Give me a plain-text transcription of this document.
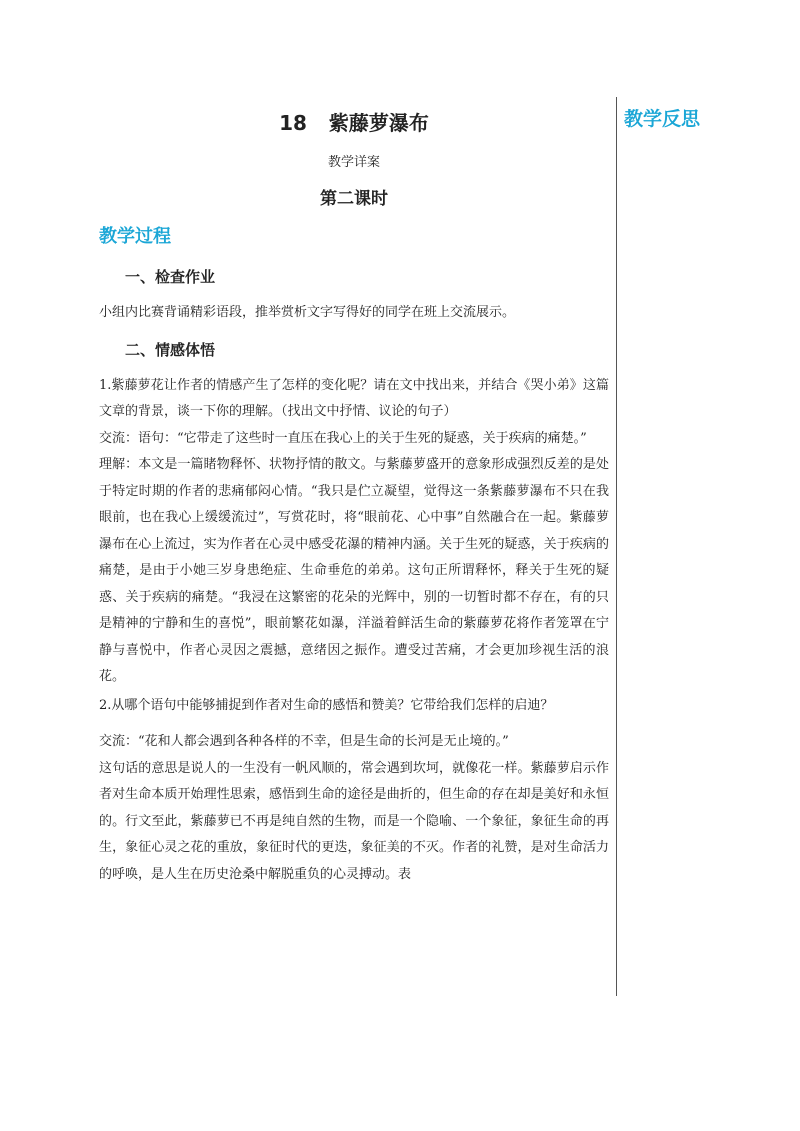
教学反思
18 紫藤萝瀑布
教学详案
第二课时
教学过程
一、检查作业
小组内比赛背诵精彩语段，推举赏析文字写得好的同学在班上交流展示。
二、情感体悟
1.紫藤萝花让作者的情感产生了怎样的变化呢？请在文中找出来，并结合《哭小弟》这篇文章的背景，谈一下你的理解。（找出文中抒情、议论的句子）
交流：语句：“它带走了这些时一直压在我心上的关于生死的疑惑，关于疾病的痛楚。”
理解：本文是一篇睹物释怀、状物抒情的散文。与紫藤萝盛开的意象形成强烈反差的是处于特定时期的作者的悲痛郁闷心情。“我只是伫立凝望，觉得这一条紫藤萝瀑布不只在我眼前，也在我心上缓缓流过”，写赏花时，将“眼前花、心中事”自然融合在一起。紫藤萝瀑布在心上流过，实为作者在心灵中感受花瀑的精神内涵。关于生死的疑惑，关于疾病的痛楚，是由于小她三岁身患绝症、生命垂危的弟弟。这句正所谓释怀，释关于生死的疑惑、关于疾病的痛楚。“我浸在这繁密的花朵的光辉中，别的一切暂时都不存在，有的只是精神的宁静和生的喜悦”，眼前繁花如瀑，洋溢着鲜活生命的紫藤萝花将作者笼罩在宁静与喜悦中，作者心灵因之震撼，意绪因之振作。遭受过苦痛，才会更加珍视生活的浪花。
2.从哪个语句中能够捕捉到作者对生命的感悟和赞美？它带给我们怎样的启迪？
交流：“花和人都会遇到各种各样的不幸，但是生命的长河是无止境的。”
这句话的意思是说人的一生没有一帆风顺的，常会遇到坎坷，就像花一样。紫藤萝启示作者对生命本质开始理性思索，感悟到生命的途径是曲折的，但生命的存在却是美好和永恒的。行文至此，紫藤萝已不再是纯自然的生物，而是一个隐喻、一个象征，象征生命的再生，象征心灵之花的重放，象征时代的更迭，象征美的不灭。作者的礼赞，是对生命活力的呼唤，是人生在历史沧桑中解脱重负的心灵搏动。表
